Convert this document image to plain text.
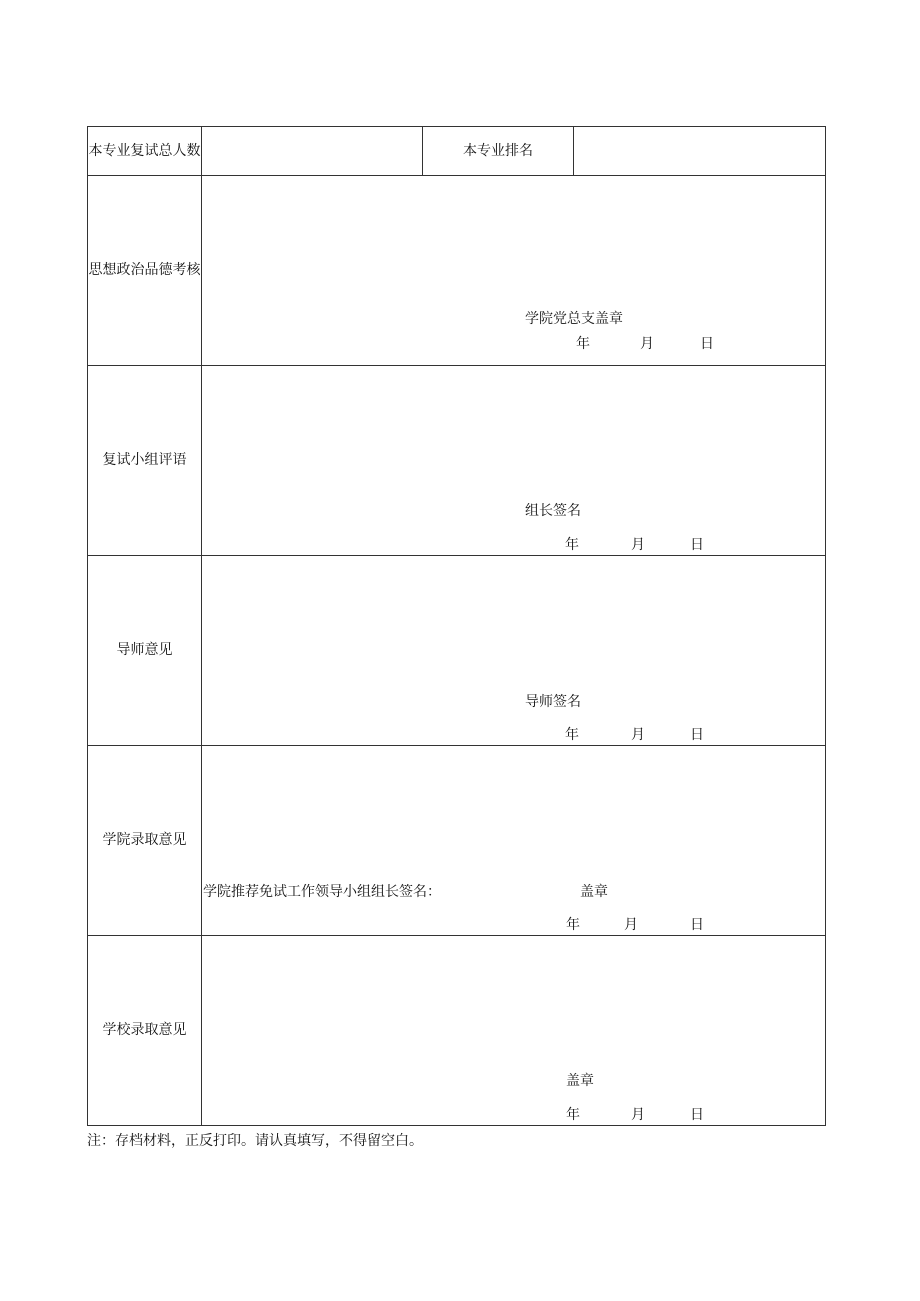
本专业复试总人数		本专业排名	
思想政治品德考核	学院党总支盖章
年 月 日		

复试小组评语	组长签名
年 月 日		

导师意见	导师签名
年 月 日		

学院录取意见	学院推荐免试工作领导小组组长签名： 盖章
年 月 日		

学校录取意见	盖章
年 月 日		
注：存档材料，正反打印。请认真填写，不得留空白。
